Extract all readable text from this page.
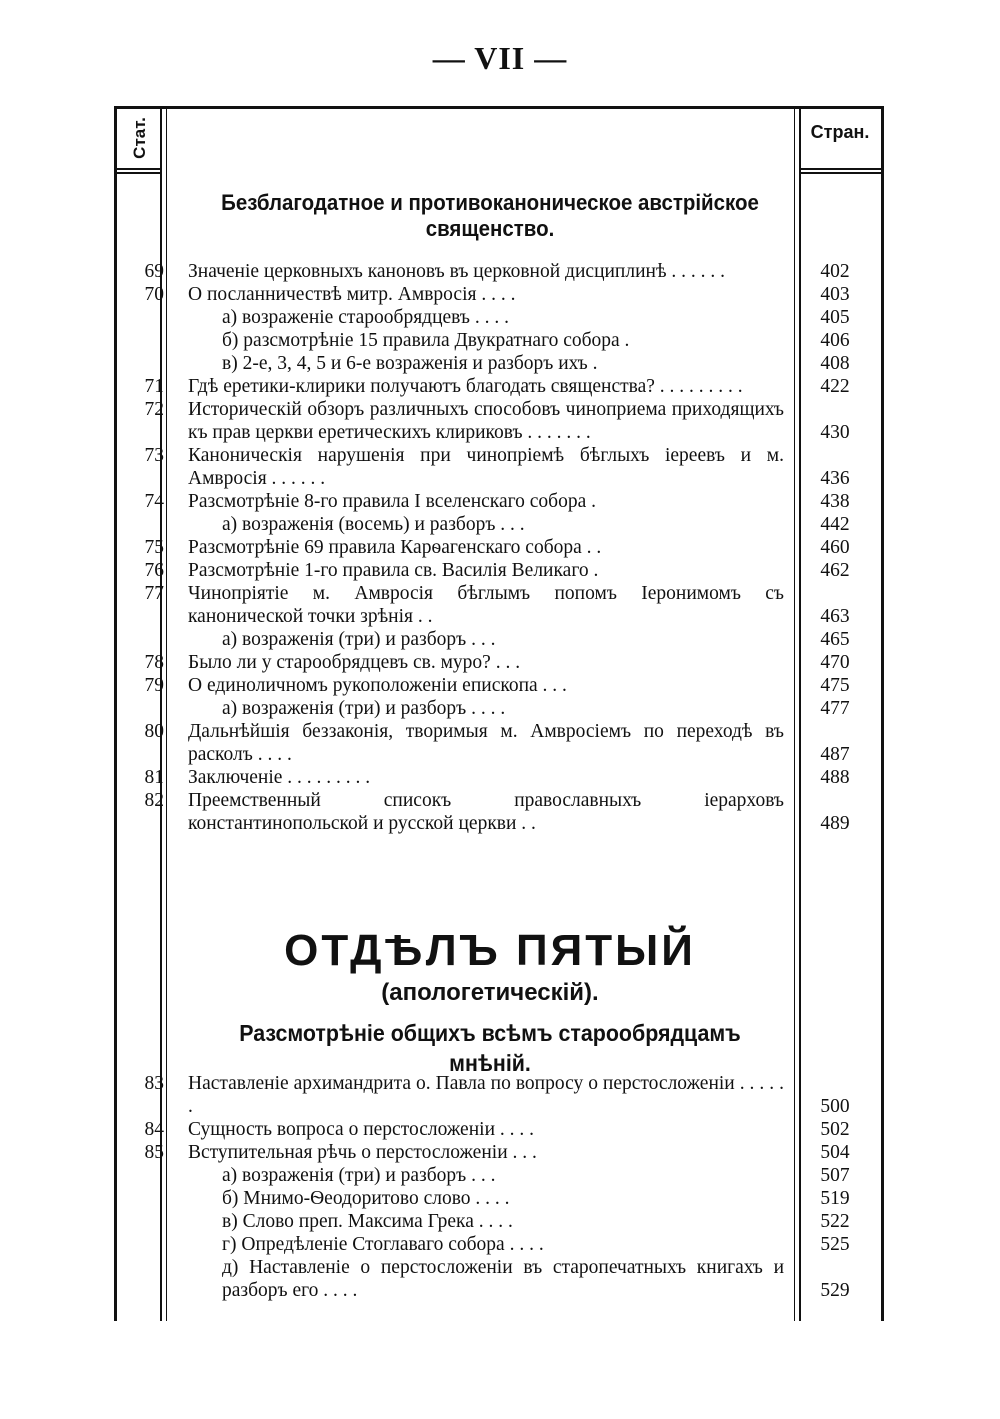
— VII —
Стат.	Стран.
Безблагодатное и противоканоническое австрійское священство.
69 Значеніе церковныхъ каноновъ въ церковной дисциплинѣ . . . . . .	402
70 О посланничествѣ митр. Амвросія . . . .	403
а) возраженіе старообрядцевъ . . . .	405
б) разсмотрѣніе 15 правила Двукратнаго собора .	406
в) 2-е, 3, 4, 5 и 6-е возраженія и разборъ ихъ .	408
71 Гдѣ еретики-клирики получаютъ благодать священства? . . . . . . . . .	422
72 Историческій обзоръ различныхъ способовъ чиноприема приходящихъ къ прав церкви еретическихъ клириковъ . . . . . . .	430
73 Каноническія нарушенія при чинопріемѣ бѣглыхъ іереевъ и м. Амвросія . . . . . .	436
74 Разсмотрѣніе 8-го правила I вселенскаго собора .	438
а) возраженія (восемь) и разборъ . . .	442
75 Разсмотрѣніе 69 правила Карѳагенскаго собора . .	460
76 Разсмотрѣніе 1-го правила св. Василія Великаго .	462
77 Чинопріятіе м. Амвросія бѣглымъ попомъ Іеронимомъ съ канонической точки зрѣнія . .	463
а) возраженія (три) и разборъ . . .	465
78 Было ли у старообрядцевъ св. муро? . . .	470
79 О единоличномъ рукоположеніи епископа . . .	475
а) возраженія (три) и разборъ . . . .	477
80 Дальнѣйшія беззаконія, творимыя м. Амвросіемъ по переходѣ въ расколъ . . . .	487
81 Заключеніе . . . . . . . . .	488
82 Преемственный списокъ православныхъ іерарховъ константинопольской и русской церкви . .	489
ОТДѢЛЪ ПЯТЫЙ
(апологетическій).
Разсмотрѣніе общихъ всѣмъ старообрядцамъ мнѣній.
83 Наставленіе архимандрита о. Павла по вопросу о перстосложеніи . . . . . .	500
84 Сущность вопроса о перстосложеніи . . . .	502
85 Вступительная рѣчь о перстосложеніи . . .	504
а) возраженія (три) и разборъ . . .	507
б) Мнимо-Ѳеодоритово слово . . . .	519
в) Слово преп. Максима Грека . . . .	522
г) Опредѣленіе Стоглаваго собора . . . .	525
д) Наставленіе о перстосложеніи въ старопечатныхъ книгахъ и разборъ его . . . .	529
